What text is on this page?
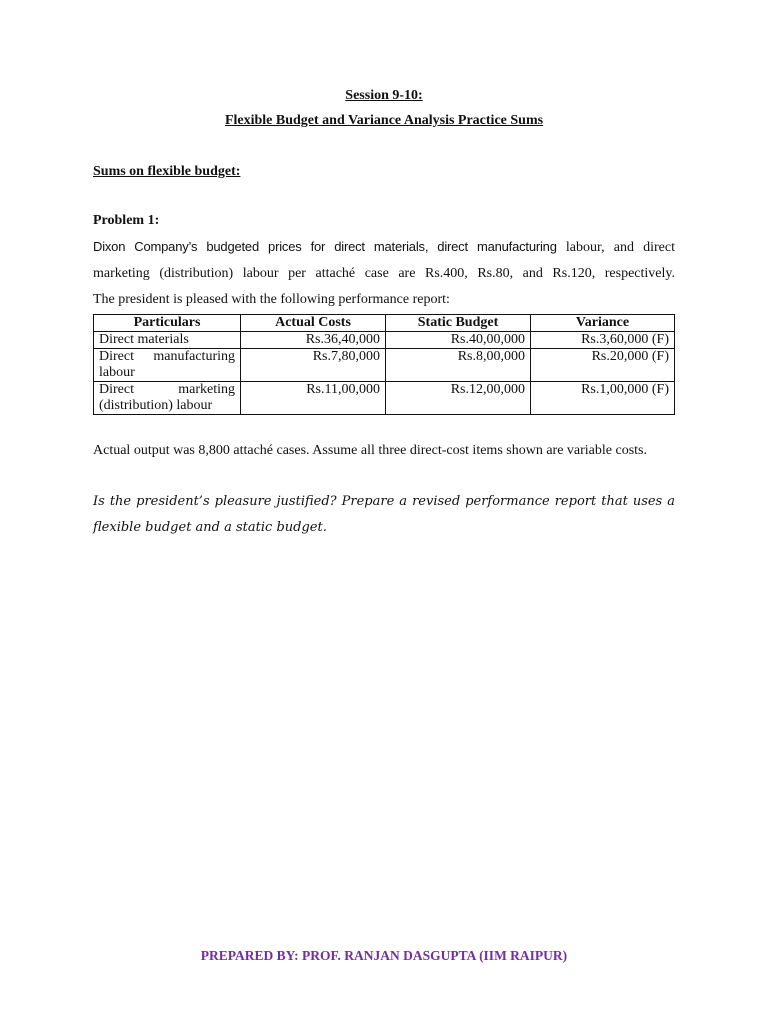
Session 9-10:
Flexible Budget and Variance Analysis Practice Sums
Sums on flexible budget:
Problem 1:
Dixon Company’s budgeted prices for direct materials, direct manufacturing labour, and direct
marketing (distribution) labour per attaché case are Rs.400, Rs.80, and Rs.120, respectively.
The president is pleased with the following performance report:
Particulars	Actual Costs	Static Budget	Variance
Direct materials	Rs.36,40,000	Rs.40,00,000	Rs.3,60,000 (F)
Direct manufacturing labour	Rs.7,80,000	Rs.8,00,000	Rs.20,000 (F)
Direct marketing (distribution) labour	Rs.11,00,000	Rs.12,00,000	Rs.1,00,000 (F)
Actual output was 8,800 attaché cases. Assume all three direct-cost items shown are variable costs.
Is the president’s pleasure justified? Prepare a revised performance report that uses a flexible budget and a static budget.
PREPARED BY: PROF. RANJAN DASGUPTA (IIM RAIPUR)
